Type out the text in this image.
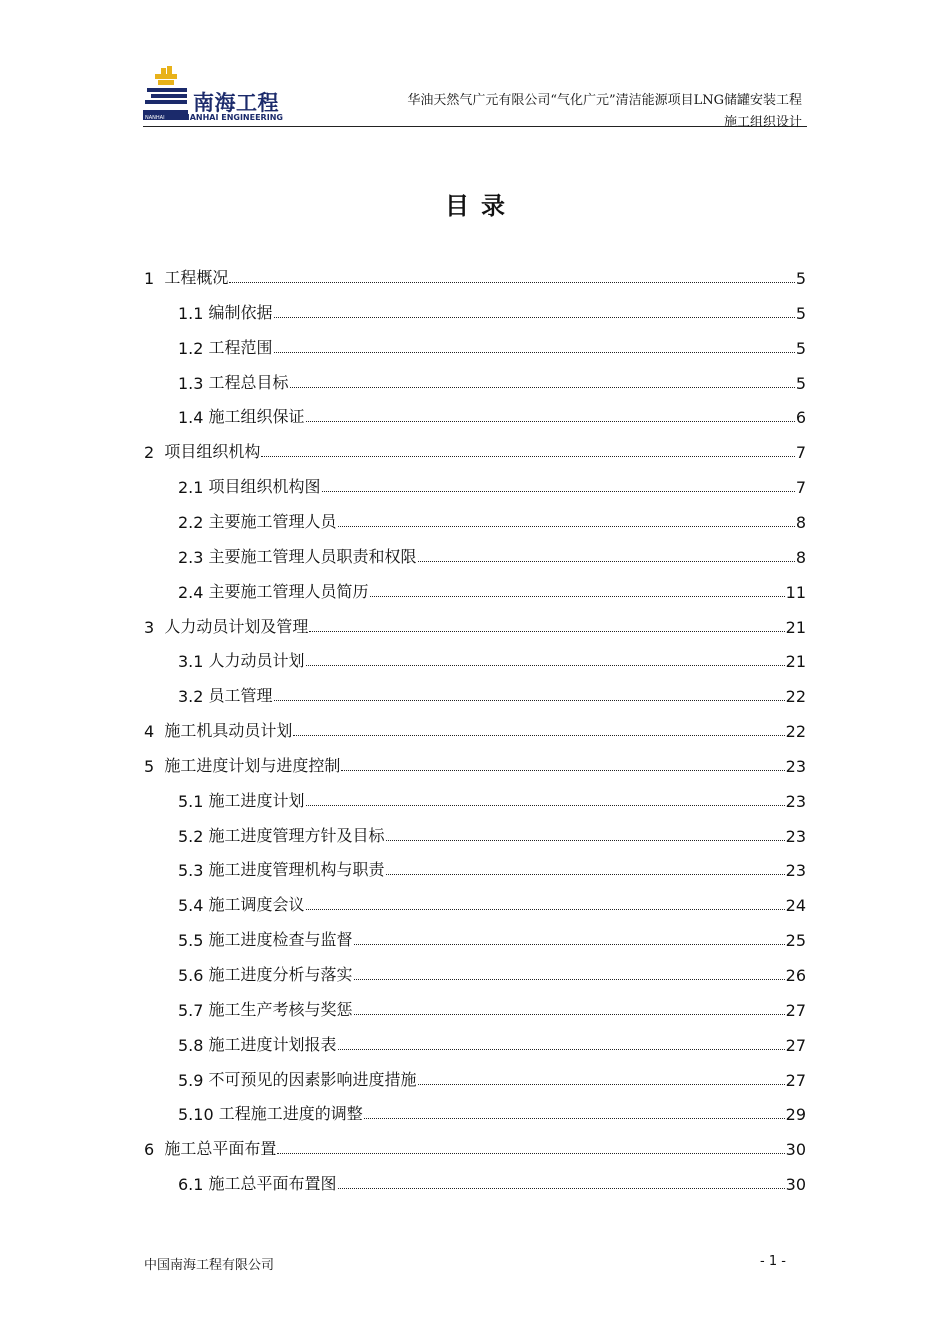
南海工程
NANHAI ENGINEERING
NANHAI
华油天然气广元有限公司“气化广元”清洁能源项目LNG储罐安装工程
施工组织设计
目录
1 工程概况	5
1.1 编制依据	5
1.2 工程范围	5
1.3 工程总目标	5
1.4 施工组织保证	6
2 项目组织机构	7
2.1 项目组织机构图	7
2.2 主要施工管理人员	8
2.3 主要施工管理人员职责和权限	8
2.4 主要施工管理人员简历	11
3 人力动员计划及管理	21
3.1 人力动员计划	21
3.2 员工管理	22
4 施工机具动员计划	22
5 施工进度计划与进度控制	23
5.1 施工进度计划	23
5.2 施工进度管理方针及目标	23
5.3 施工进度管理机构与职责	23
5.4 施工调度会议	24
5.5 施工进度检查与监督	25
5.6 施工进度分析与落实	26
5.7 施工生产考核与奖惩	27
5.8 施工进度计划报表	27
5.9 不可预见的因素影响进度措施	27
5.10 工程施工进度的调整	29
6 施工总平面布置	30
6.1 施工总平面布置图	30
中国南海工程有限公司	- 1 -
